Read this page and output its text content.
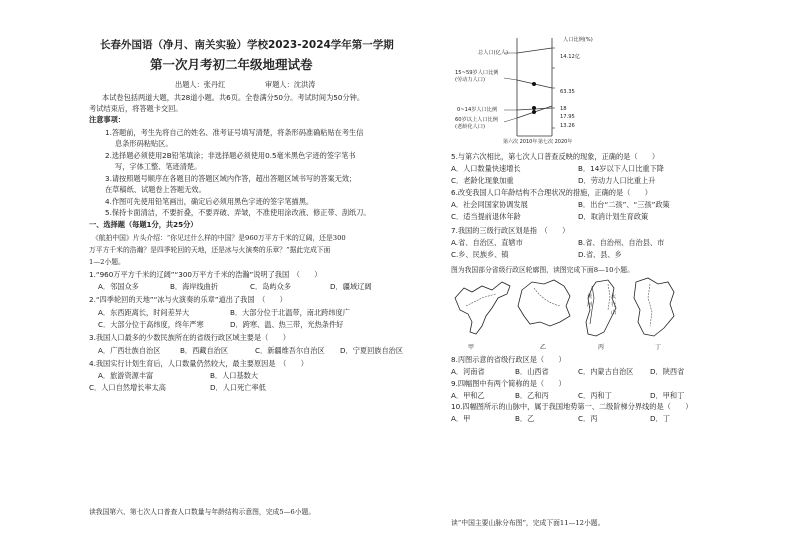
长春外国语（净月、南关实验）学校2023-2024学年第一学期
第一次月考初二年级地理试卷
出题人：张丹红	审题人：沈洪涛
本试卷包括两道大题，共28道小题。共6页。全卷满分50分。考试时间为50分钟。
考试结束后，将答题卡交回。
注意事项：
1.答题前，考生先将自己的姓名、准考证号填写清楚，将条形码准确粘贴在考生信
息条形码粘贴区。
2.选择题必须使用2B铅笔填涂；非选择题必须使用0.5毫米黑色字迹的签字笔书
写，字体工整、笔迹清楚。
3.请按照题号顺序在各题目的答题区域内作答，超出答题区域书写的答案无效；
在草稿纸、试题卷上答题无效。
4.作图可先使用铅笔画出，确定后必须用黑色字迹的签字笔描黑。
5.保持卡面清洁，不要折叠，不要弄破、弄皱，不准使用涂改液、修正带、刮纸刀。
一、选择题（每题1分，共25分）
《航拍中国》片头介绍：“你见过什么样的中国？是960万平方千米的辽阔，还是300
万平方千米的浩瀚？是四季轮回的天地，还是冰与火演奏的乐章？”据此完成下面
1—2小题。
1.“960万平方千米的辽阔”“300万平方千米的浩瀚”说明了我国　（　　）
A．邻国众多	B．海岸线曲折	C．岛屿众多	D．疆域辽阔
2.“四季轮回的天地”“冰与火演奏的乐章”道出了我国　（　　）
A．东西距离长，时间差异大	B．大部分位于北温带，南北跨纬度广
C．大部分位于高纬度，终年严寒	D．跨寒、温、热三带，光热条件好
3.我国人口最多的少数民族所在的省级行政区域主要是（　　）
A．广西壮族自治区	B．西藏自治区	C．新疆维吾尔自治区 D．宁夏回族自治区
4.我国实行计划生育后，人口数量仍然较大，最主要原因是　（　　）
A．旅游资源丰富	B．人口基数大
C．人口自然增长率太高	D．人口死亡率低
读我国第六、第七次人口普查人口数量与年龄结构示意图，完成5—6小题。
总人口(亿人)
15~59岁人口比例(劳动力人口)
0~14岁人口比例
60岁以上人口比例(老龄化人口)
人口比例(%)
14.12亿
63.35
18
17.95
13.26
第六次 2010年 第七次 2020年
5.与第六次相比，第七次人口普查反映的现象，正确的是（　　）
A．人口数量快速增长	B．14岁以下人口比重下降
C．老龄化现象加重	D．劳动力人口比重上升
6.改变我国人口年龄结构不合理状况的措施，正确的是（　　）
A．社会同国家协调发展	B．出台“二孩”、“三孩”政策
C．适当提前退休年龄	D．取消计划生育政策
7.我国的三级行政区划是指　（　　）
A.省、自治区、直辖市	B.省、自治州、自治县、市
C.乡、民族乡、镇	D.省、县、乡
图为我国部分省级行政区轮廓图，读图完成下面8—10小题。
甲	乙	丙	丁
黄
河
太
行
山
8.丙图示意的省级行政区是（　　）
A．河南省	B．山西省	C．内蒙古自治区 D．陕西省
9.四幅图中有两个简称的是（　　）
A．甲和乙	B．乙和丙	C．丙和丁	D．甲和丁
10.四幅图所示的山脉中，属于我国地势第一、二级阶梯分界线的是（　　）
A．甲	B．乙	C．丙	D．丁
读“中国主要山脉分布图”，完成下面11—12小题。
